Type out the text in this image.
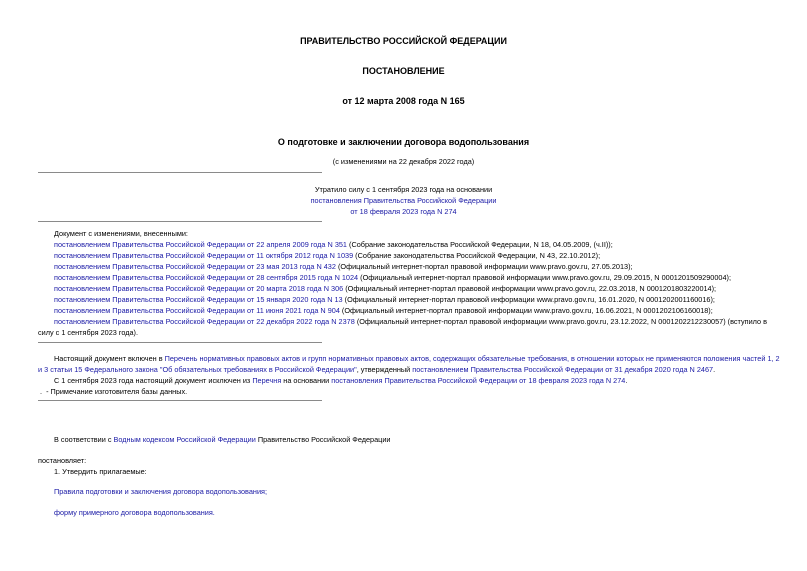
ПРАВИТЕЛЬСТВО РОССИЙСКОЙ ФЕДЕРАЦИИ
ПОСТАНОВЛЕНИЕ
от 12 марта 2008 года N 165
О подготовке и заключении договора водопользования
(с изменениями на 22 декабря 2022 года)
Утратило силу с 1 сентября 2023 года на основании
постановления Правительства Российской Федерации
от 18 февраля 2023 года N 274
Документ с изменениями, внесенными:
постановлением Правительства Российской Федерации от 22 апреля 2009 года N 351 (Собрание законодательства Российской Федерации, N 18, 04.05.2009, (ч.II));
постановлением Правительства Российской Федерации от 11 октября 2012 года N 1039 (Собрание законодательства Российской Федерации, N 43, 22.10.2012);
постановлением Правительства Российской Федерации от 23 мая 2013 года N 432 (Официальный интернет-портал правовой информации www.pravo.gov.ru, 27.05.2013);
постановлением Правительства Российской Федерации от 28 сентября 2015 года N 1024 (Официальный интернет-портал правовой информации www.pravo.gov.ru, 29.09.2015, N 0001201509290004);
постановлением Правительства Российской Федерации от 20 марта 2018 года N 306 (Официальный интернет-портал правовой информации www.pravo.gov.ru, 22.03.2018, N 0001201803220014);
постановлением Правительства Российской Федерации от 15 января 2020 года N 13 (Официальный интернет-портал правовой информации www.pravo.gov.ru, 16.01.2020, N 0001202001160016);
постановлением Правительства Российской Федерации от 11 июня 2021 года N 904 (Официальный интернет-портал правовой информации www.pravo.gov.ru, 16.06.2021, N 0001202106160018);
постановлением Правительства Российской Федерации от 22 декабря 2022 года N 2378 (Официальный интернет-портал правовой информации www.pravo.gov.ru, 23.12.2022, N 0001202212230057) (вступило в
силу с 1 сентября 2023 года).
Настоящий документ включен в Перечень нормативных правовых актов и групп нормативных правовых актов, содержащих обязательные требования, в отношении которых не применяются положения частей 1, 2
и 3 статьи 15 Федерального закона "Об обязательных требованиях в Российской Федерации", утвержденный постановлением Правительства Российской Федерации от 31 декабря 2020 года N 2467.
С 1 сентября 2023 года настоящий документ исключен из Перечня на основании постановления Правительства Российской Федерации от 18 февраля 2023 года N 274.
.  - Примечание изготовителя базы данных.
В соответствии с Водным кодексом Российской Федерации Правительство Российской Федерации
постановляет:
1. Утвердить прилагаемые:
Правила подготовки и заключения договора водопользования;
форму примерного договора водопользования.
